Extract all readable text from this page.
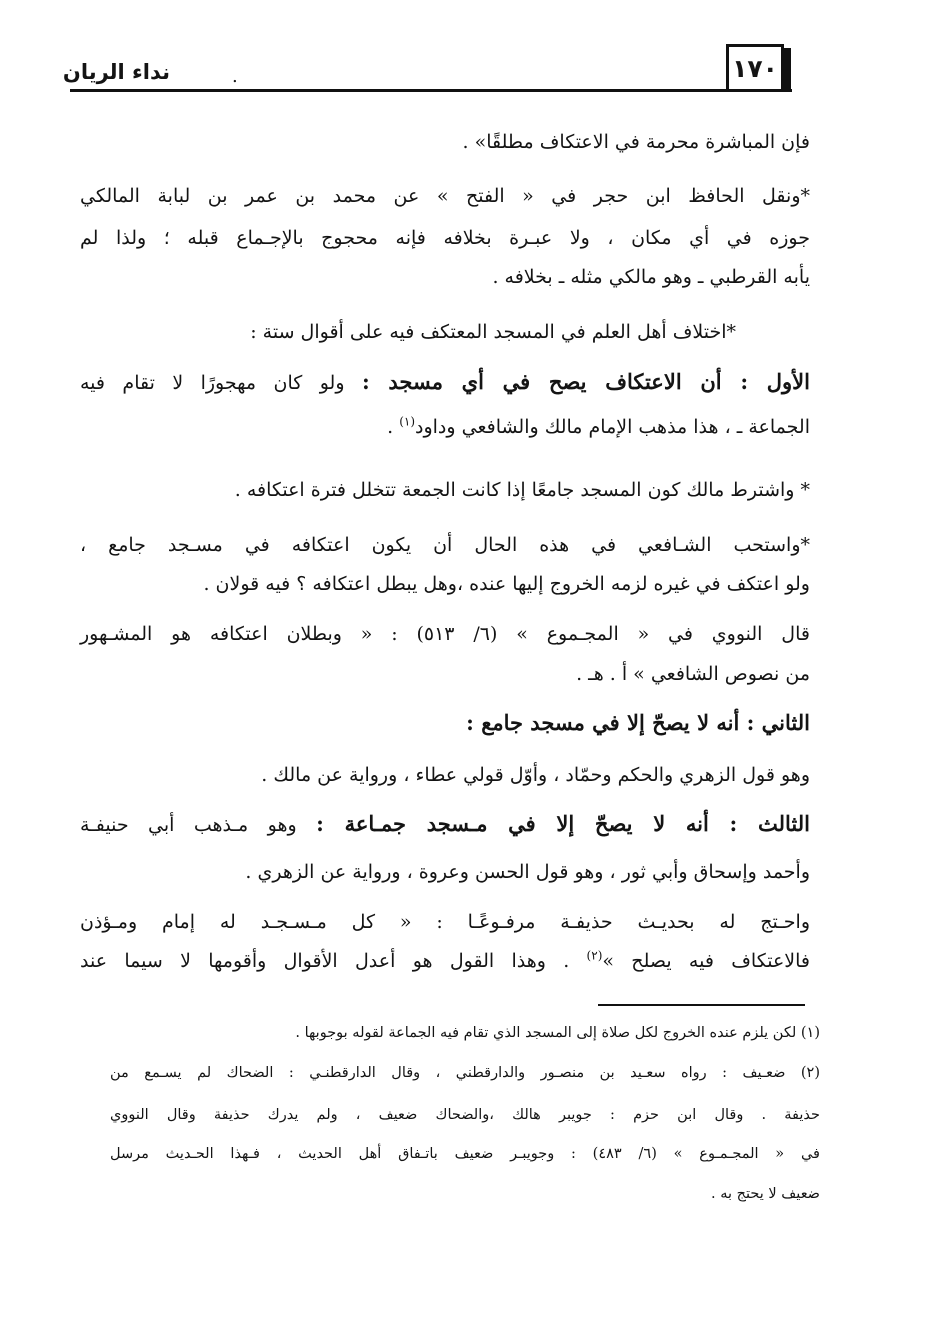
١٧٠
نداء الريان	.
فإن المباشرة محرمة في الاعتكاف مطلقًا» .
*ونقل الحافظ ابن حجر في « الفتح » عن محمد بن عمر بن لبابة المالكي
جوزه في أي مكان ، ولا عبـرة بخلافه فإنه محجوج بالإجـماع قبله ؛ ولذا لم
يأبه القرطبي ـ وهو مالكي مثله ـ بخلافه .
*اختلاف أهل العلم في المسجد المعتكف فيه على أقوال ستة :
الأول : أن الاعتكاف يصح في أي مسجد : ولو كان مهجورًا لا تقام فيه
الجماعة ـ ، هذا مذهب الإمام مالك والشافعي وداود$^{(١)}$ .
* واشترط مالك كون المسجد جامعًا إذا كانت الجمعة تتخلل فترة اعتكافه .
*واستحب الشـافعي في هذه الحال أن يكون اعتكافه في مسـجد جامع ،
ولو اعتكف في غيره لزمه الخروج إليها عنده ،وهل يبطل اعتكافه ؟ فيه قولان .
قال النووي في « المجـموع » (٦/ ٥١٣) : « وبطلان اعتكافه هو المشـهور
من نصوص الشافعي » أ . هـ .
الثاني : أنه لا يصحّ إلا في مسجد جامع :
وهو قول الزهري والحكم وحمّاد ، وأوّل قولي عطاء ، ورواية عن مالك .
الثالث : أنه لا يصحّ إلا في مـسجد جمـاعة : وهو مـذهب أبي حنيفـة
وأحمد وإسحاق وأبي ثور ، وهو قول الحسن وعروة ، ورواية عن الزهري .
واحـتج له بحديـث حذيفـة مرفـوعًـا : « كل مـسـجـد له إمام ومـؤذن
فالاعتكاف فيه يصلح »$^{(٢)}$ . وهذا القول هو أعدل الأقوال وأقومها لا سيما عند
(١) لكن يلزم عنده الخروج لكل صلاة إلى المسجد الذي تقام فيه الجماعة لقوله بوجوبها .
(٢) ضعـيف : رواه سعـيد بن منصـور والدارقطني ، وقال الدارقطنـي : الضحاك لم يسـمع من
حذيفة . وقال ابن حزم : جويبر هالك ،والضحاك ضعيف ، ولم يدرك حذيفة وقال النووي
في « المجـمـوع » (٦/ ٤٨٣) : وجويبـر ضعيف باتـفاق أهل الحديث ، فـهذا الحـديث مرسل
ضعيف لا يحتج به .
